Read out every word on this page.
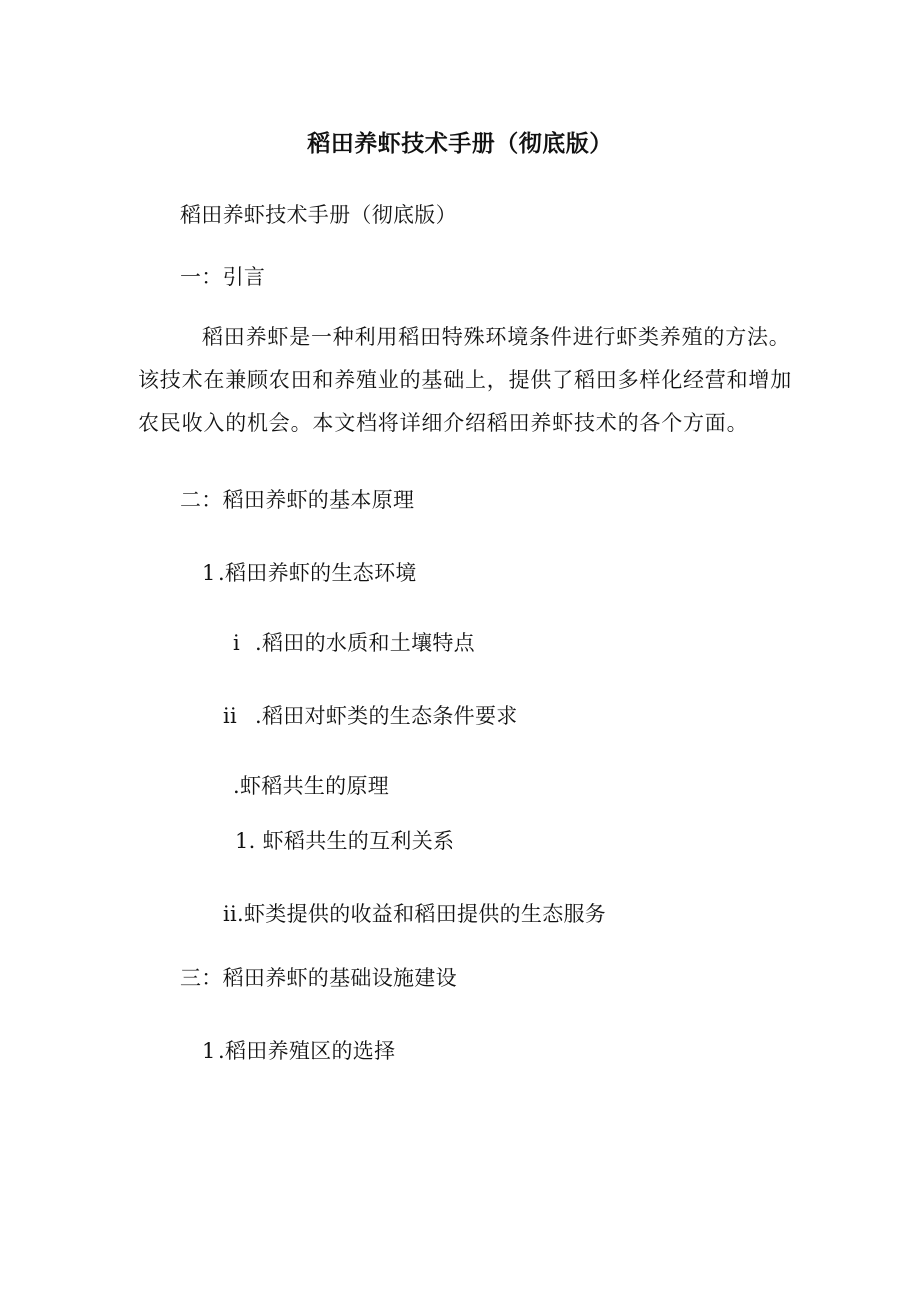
稻田养虾技术手册（彻底版）
稻田养虾技术手册（彻底版）
一：引言
稻田养虾是一种利用稻田特殊环境条件进行虾类养殖的方法。
该技术在兼顾农田和养殖业的基础上，提供了稻田多样化经营和增加
农民收入的机会。本文档将详细介绍稻田养虾技术的各个方面。
二：稻田养虾的基本原理
1 .稻田养虾的生态环境
i .稻田的水质和土壤特点
ii .稻田对虾类的生态条件要求
.虾稻共生的原理
1. 虾稻共生的互利关系
ii.虾类提供的收益和稻田提供的生态服务
三：稻田养虾的基础设施建设
1 .稻田养殖区的选择
